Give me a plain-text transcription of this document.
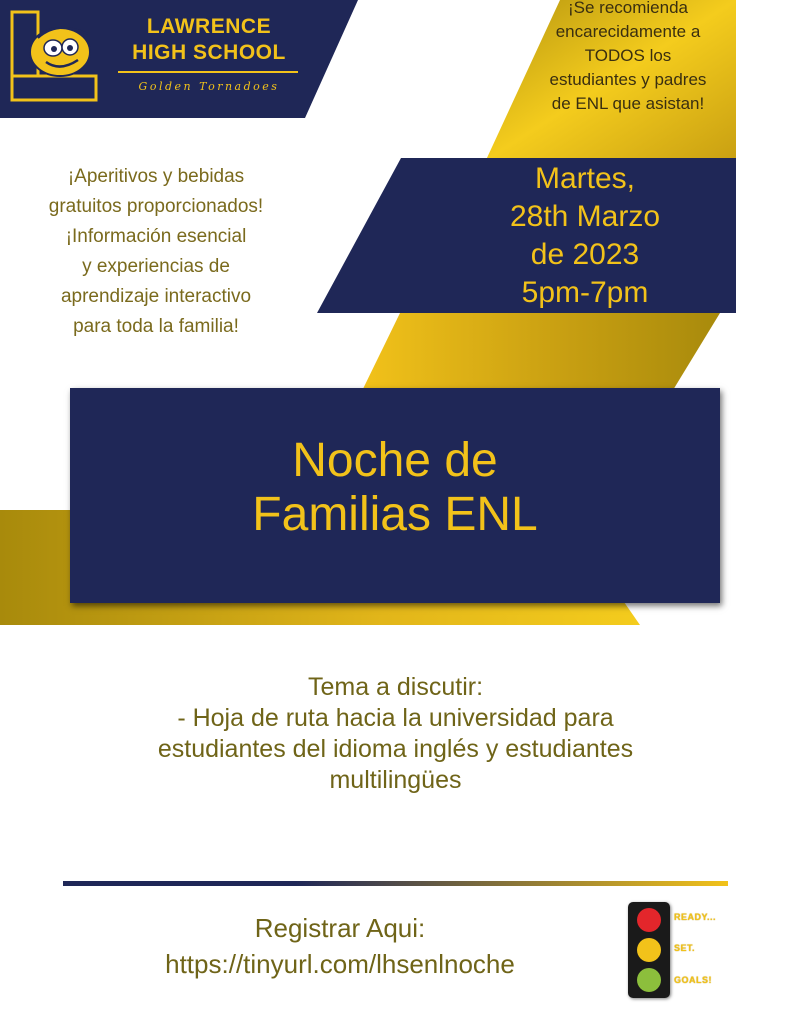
LAWRENCE
HIGH SCHOOL
Golden Tornadoes
¡Se recomienda
encarecidamente a
TODOS los
estudiantes y padres
de ENL que asistan!
Martes,
28th Marzo
de 2023
5pm-7pm
¡Aperitivos y bebidas
gratuitos proporcionados!
¡Información esencial
y experiencias de
aprendizaje interactivo
para toda la familia!
Noche de
Familias ENL
Tema a discutir:
- Hoja de ruta hacia la universidad para
estudiantes del idioma inglés y estudiantes
multilingües
Registrar Aqui:
https://tinyurl.com/lhsenlnoche
READY...
SET.
GOALS!
